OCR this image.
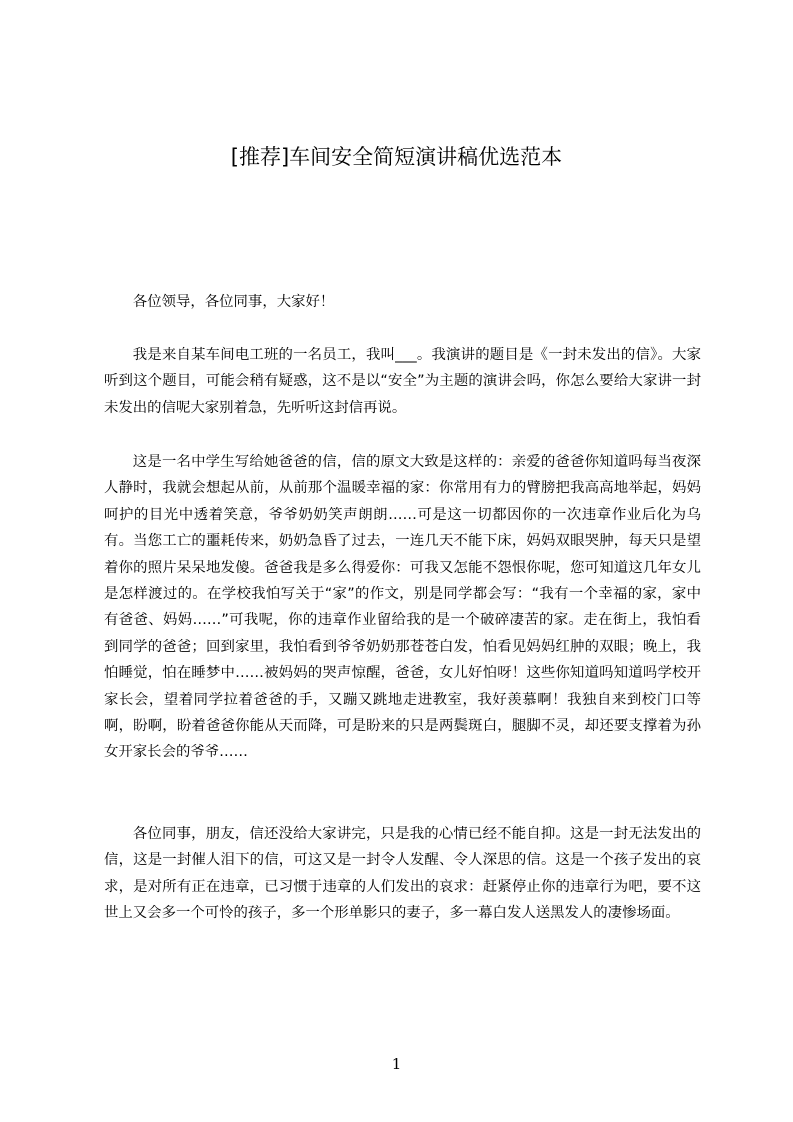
[推荐]车间安全简短演讲稿优选范本

各位领导，各位同事，大家好！

我是来自某车间电工班的一名员工，我叫___。我演讲的题目是《一封未发出的信》。大家听到这个题目，可能会稍有疑惑，这不是以“安全”为主题的演讲会吗，你怎么要给大家讲一封未发出的信呢大家别着急，先听听这封信再说。

这是一名中学生写给她爸爸的信，信的原文大致是这样的：亲爱的爸爸你知道吗每当夜深人静时，我就会想起从前，从前那个温暖幸福的家：你常用有力的臂膀把我高高地举起，妈妈呵护的目光中透着笑意，爷爷奶奶笑声朗朗……可是这一切都因你的一次违章作业后化为乌有。当您工亡的噩耗传来，奶奶急昏了过去，一连几天不能下床，妈妈双眼哭肿，每天只是望着你的照片呆呆地发傻。爸爸我是多么得爱你：可我又怎能不怨恨你呢，您可知道这几年女儿是怎样渡过的。在学校我怕写关于“家”的作文，别是同学都会写：“我有一个幸福的家，家中有爸爸、妈妈……”可我呢，你的违章作业留给我的是一个破碎凄苦的家。走在街上，我怕看到同学的爸爸；回到家里，我怕看到爷爷奶奶那苍苍白发，怕看见妈妈红肿的双眼；晚上，我怕睡觉，怕在睡梦中……被妈妈的哭声惊醒，爸爸，女儿好怕呀！这些你知道吗知道吗学校开家长会，望着同学拉着爸爸的手，又蹦又跳地走进教室，我好羡慕啊！我独自来到校门口等啊，盼啊，盼着爸爸你能从天而降，可是盼来的只是两鬓斑白，腿脚不灵，却还要支撑着为孙女开家长会的爷爷……

各位同事，朋友，信还没给大家讲完，只是我的心情已经不能自抑。这是一封无法发出的信，这是一封催人泪下的信，可这又是一封令人发醒、令人深思的信。这是一个孩子发出的哀求，是对所有正在违章，已习惯于违章的人们发出的哀求：赶紧停止你的违章行为吧，要不这世上又会多一个可怜的孩子，多一个形单影只的妻子，多一幕白发人送黑发人的凄惨场面。

1
